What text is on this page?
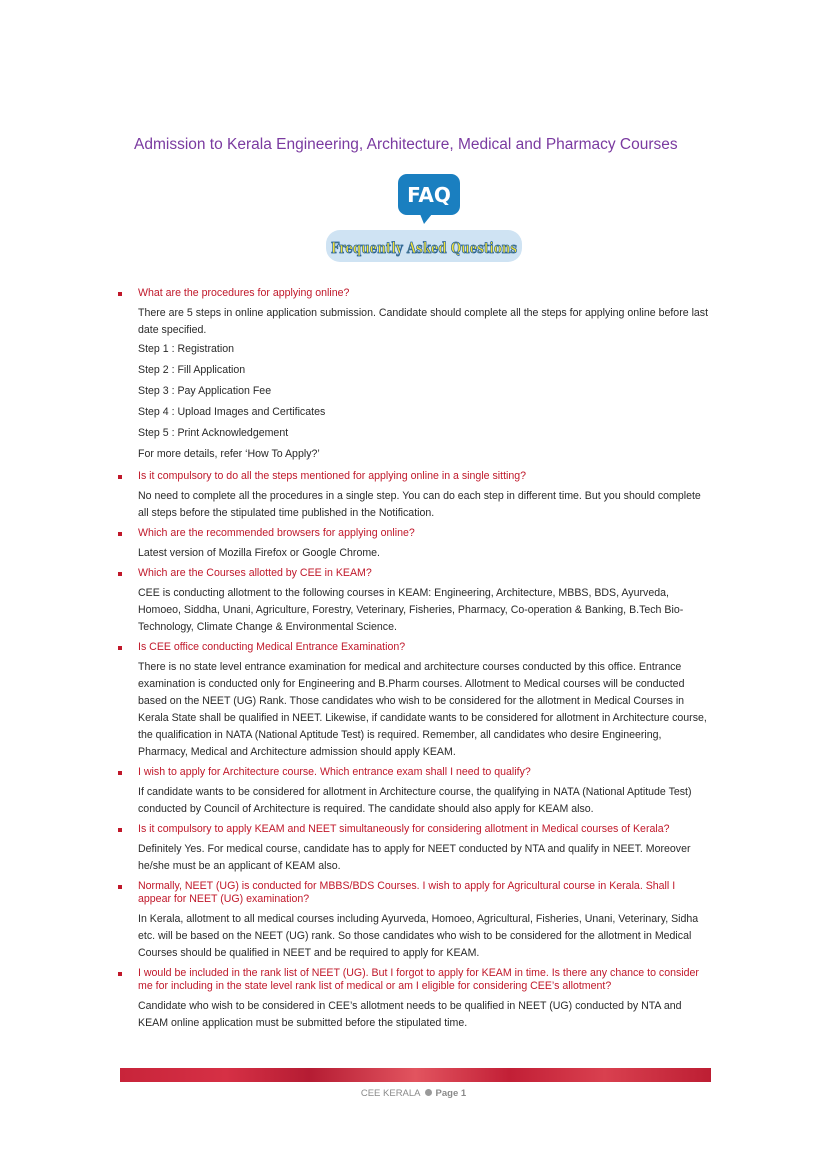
Admission to Kerala Engineering, Architecture, Medical and Pharmacy Courses
FAQ
Frequently Asked Questions

What are the procedures for applying online?

There are 5 steps in online application submission. Candidate should complete all the steps for applying online before last date specified.

Step 1 : Registration

Step 2 : Fill Application

Step 3 : Pay Application Fee

Step 4 : Upload Images and Certificates

Step 5 : Print Acknowledgement

For more details, refer ‘How To Apply?’

Is it compulsory to do all the steps mentioned for applying online in a single sitting?

No need to complete all the procedures in a single step. You can do each step in different time. But you should complete all steps before the stipulated time published in the Notification.

Which are the recommended browsers for applying online?

Latest version of Mozilla Firefox or Google Chrome.

Which are the Courses allotted by CEE in KEAM?

CEE is conducting allotment to the following courses in KEAM: Engineering, Architecture, MBBS, BDS, Ayurveda, Homoeo, Siddha, Unani, Agriculture, Forestry, Veterinary, Fisheries, Pharmacy, Co-operation & Banking, B.Tech Bio-Technology, Climate Change & Environmental Science.

Is CEE office conducting Medical Entrance Examination?

There is no state level entrance examination for medical and architecture courses conducted by this office. Entrance examination is conducted only for Engineering and B.Pharm courses. Allotment to Medical courses will be conducted based on the NEET (UG) Rank. Those candidates who wish to be considered for the allotment in Medical Courses in Kerala State shall be qualified in NEET. Likewise, if candidate wants to be considered for allotment in Architecture course, the qualification in NATA (National Aptitude Test) is required. Remember, all candidates who desire Engineering, Pharmacy, Medical and Architecture admission should apply KEAM.

I wish to apply for Architecture course. Which entrance exam shall I need to qualify?

If candidate wants to be considered for allotment in Architecture course, the qualifying in NATA (National Aptitude Test) conducted by Council of Architecture is required. The candidate should also apply for KEAM also.

Is it compulsory to apply KEAM and NEET simultaneously for considering allotment in Medical courses of Kerala?

Definitely Yes. For medical course, candidate has to apply for NEET conducted by NTA and qualify in NEET. Moreover he/she must be an applicant of KEAM also.

Normally, NEET (UG) is conducted for MBBS/BDS Courses. I wish to apply for Agricultural course in Kerala. Shall I appear for NEET (UG) examination?

In Kerala, allotment to all medical courses including Ayurveda, Homoeo, Agricultural, Fisheries, Unani, Veterinary, Sidha etc. will be based on the NEET (UG) rank. So those candidates who wish to be considered for the allotment in Medical Courses should be qualified in NEET and be required to apply for KEAM.

I would be included in the rank list of NEET (UG). But I forgot to apply for KEAM in time. Is there any chance to consider me for including in the state level rank list of medical or am I eligible for considering CEE’s allotment?

Candidate who wish to be considered in CEE’s allotment needs to be qualified in NEET (UG) conducted by NTA and KEAM online application must be submitted before the stipulated time.

CEE KERALA Page 1
